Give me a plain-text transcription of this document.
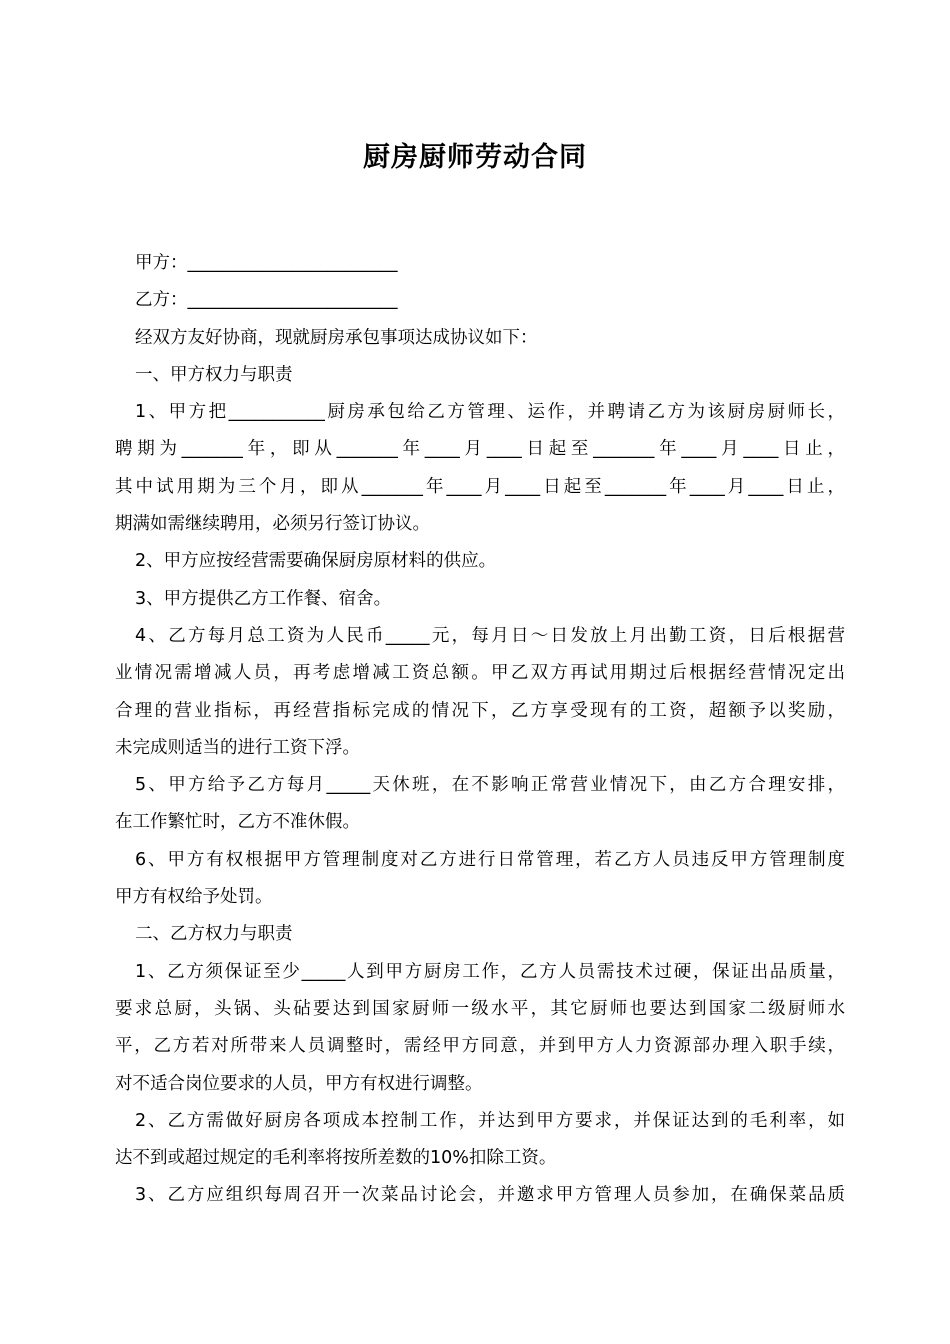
厨房厨师劳动合同
甲方：________________________
乙方：________________________
经双方友好协商，现就厨房承包事项达成协议如下：
一、甲方权力与职责
1、甲方把___________厨房承包给乙方管理、运作，并聘请乙方为该厨房厨师长，
聘期为_______年，即从_______年____月____日起至_______年____月____日止，
其中试用期为三个月，即从_______年____月____日起至_______年____月____日止，
期满如需继续聘用，必须另行签订协议。
2、甲方应按经营需要确保厨房原材料的供应。
3、甲方提供乙方工作餐、宿舍。
4、乙方每月总工资为人民币_____元，每月日～日发放上月出勤工资，日后根据营
业情况需增减人员，再考虑增减工资总额。甲乙双方再试用期过后根据经营情况定出
合理的营业指标，再经营指标完成的情况下，乙方享受现有的工资，超额予以奖励，
未完成则适当的进行工资下浮。
5、甲方给予乙方每月_____天休班，在不影响正常营业情况下，由乙方合理安排，
在工作繁忙时，乙方不准休假。
6、甲方有权根据甲方管理制度对乙方进行日常管理，若乙方人员违反甲方管理制度
甲方有权给予处罚。
二、乙方权力与职责
1、乙方须保证至少_____人到甲方厨房工作，乙方人员需技术过硬，保证出品质量，
要求总厨，头锅、头砧要达到国家厨师一级水平，其它厨师也要达到国家二级厨师水
平，乙方若对所带来人员调整时，需经甲方同意，并到甲方人力资源部办理入职手续，
对不适合岗位要求的人员，甲方有权进行调整。
2、乙方需做好厨房各项成本控制工作，并达到甲方要求，并保证达到的毛利率，如
达不到或超过规定的毛利率将按所差数的10%扣除工资。
3、乙方应组织每周召开一次菜品讨论会，并邀求甲方管理人员参加，在确保菜品质
